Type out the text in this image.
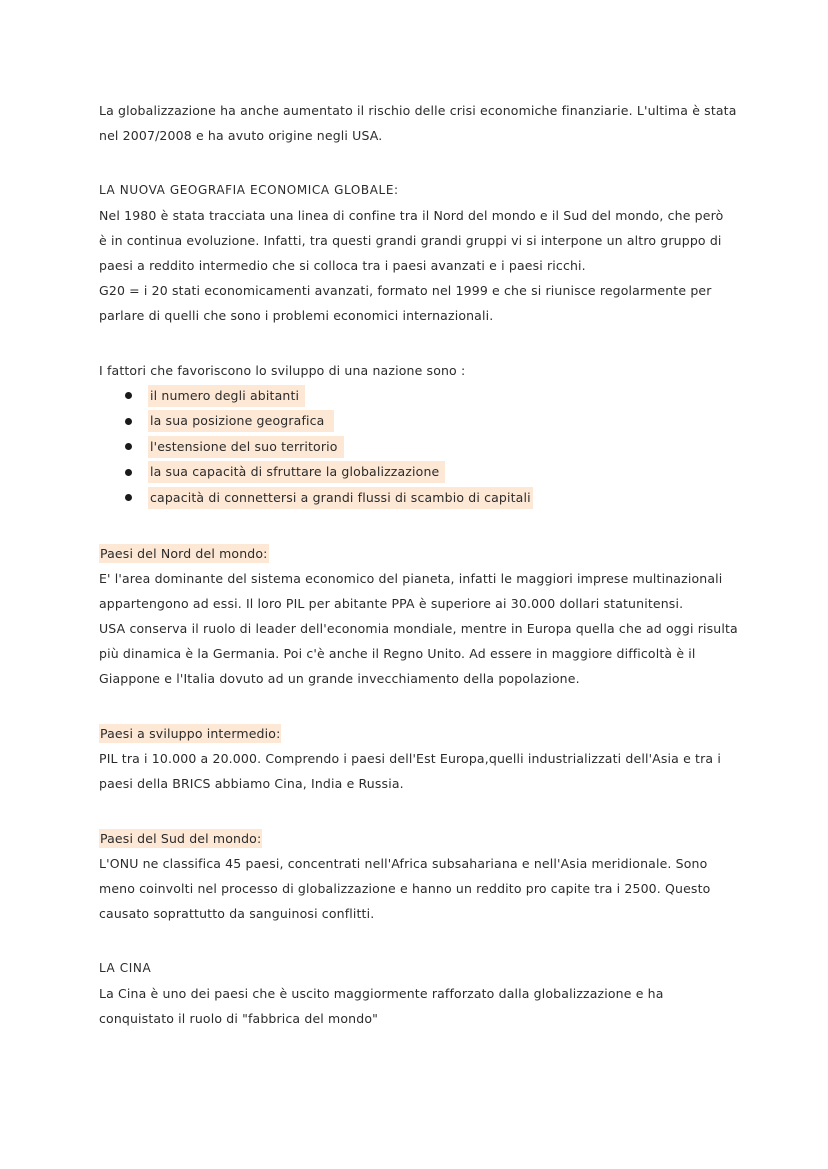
La globalizzazione ha anche aumentato il rischio delle crisi economiche finanziarie. L'ultima è stata
nel 2007/2008 e ha avuto origine negli USA.
LA NUOVA GEOGRAFIA ECONOMICA GLOBALE:
Nel 1980 è stata tracciata una linea di confine tra il Nord del mondo e il Sud del mondo, che però
è in continua evoluzione. Infatti, tra questi grandi grandi gruppi vi si interpone un altro gruppo di
paesi a reddito intermedio che si colloca tra i paesi avanzati e i paesi ricchi.
G20 = i 20 stati economicamenti avanzati, formato nel 1999 e che si riunisce regolarmente per
parlare di quelli che sono i problemi economici internazionali.
I fattori che favoriscono lo sviluppo di una nazione sono :
il numero degli abitanti
la sua posizione geografica
l'estensione del suo territorio
la sua capacità di sfruttare la globalizzazione
capacità di connettersi a grandi flussi di scambio di capitali
Paesi del Nord del mondo:
E' l'area dominante del sistema economico del pianeta, infatti le maggiori imprese multinazionali
appartengono ad essi. Il loro PIL per abitante PPA è superiore ai 30.000 dollari statunitensi.
USA conserva il ruolo di leader dell'economia mondiale, mentre in Europa quella che ad oggi risulta
più dinamica è la Germania. Poi c'è anche il Regno Unito. Ad essere in maggiore difficoltà è il
Giappone e l'Italia dovuto ad un grande invecchiamento della popolazione.
Paesi a sviluppo intermedio:
PIL tra i 10.000 a 20.000. Comprendo i paesi dell'Est Europa,quelli industrializzati dell'Asia e tra i
paesi della BRICS abbiamo Cina, India e Russia.
Paesi del Sud del mondo:
L'ONU ne classifica 45 paesi, concentrati nell'Africa subsahariana e nell'Asia meridionale. Sono
meno coinvolti nel processo di globalizzazione e hanno un reddito pro capite tra i 2500. Questo
causato soprattutto da sanguinosi conflitti.
LA CINA
La Cina è uno dei paesi che è uscito maggiormente rafforzato dalla globalizzazione e ha
conquistato il ruolo di "fabbrica del mondo"
